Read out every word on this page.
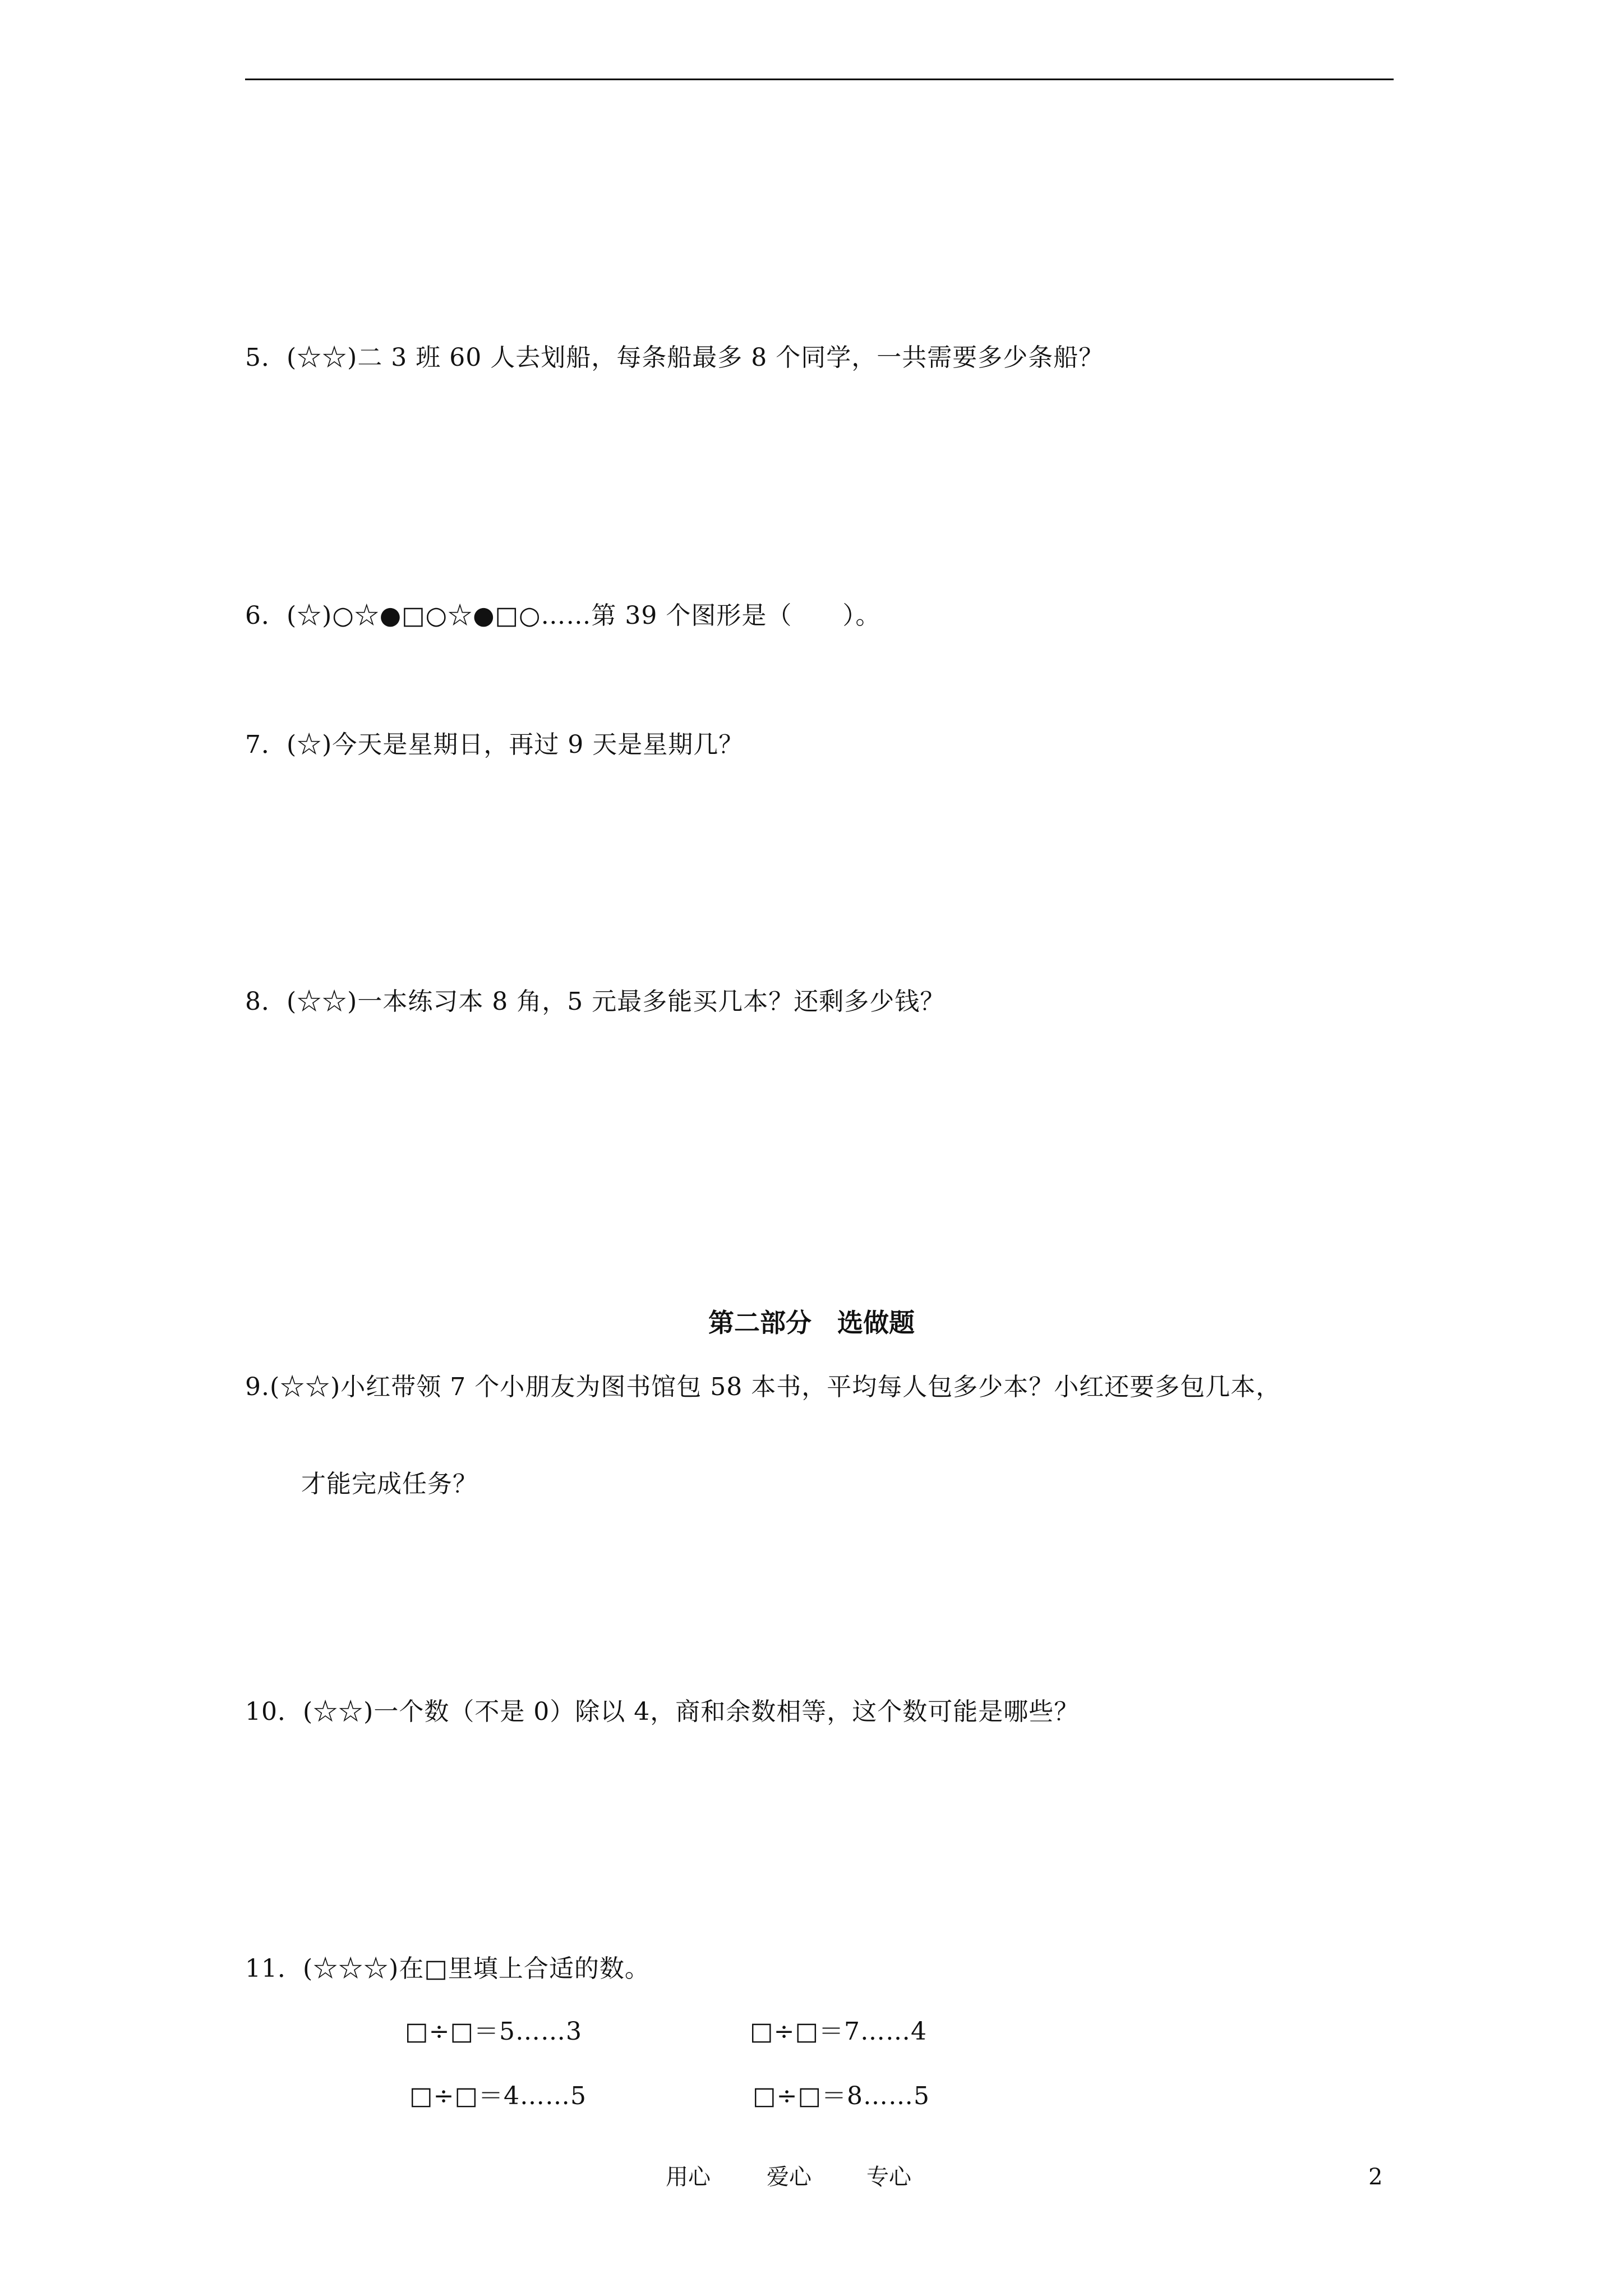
5．(☆☆)二 3 班 60 人去划船，每条船最多 8 个同学，一共需要多少条船？
6．(☆)○☆●□○☆●□○……第 39 个图形是（　　）。
7．(☆)今天是星期日，再过 9 天是星期几？
8．(☆☆)一本练习本 8 角，5 元最多能买几本？还剩多少钱？
第二部分　选做题
9.(☆☆)小红带领 7 个小朋友为图书馆包 58 本书，平均每人包多少本？小红还要多包几本，
才能完成任务？
10．(☆☆)一个数（不是 0）除以 4，商和余数相等，这个数可能是哪些？
11．(☆☆☆)在□里填上合适的数。
□÷□＝5……3	□÷□＝7……4
□÷□＝4……5	□÷□＝8……5
用心	爱心 专心	2
